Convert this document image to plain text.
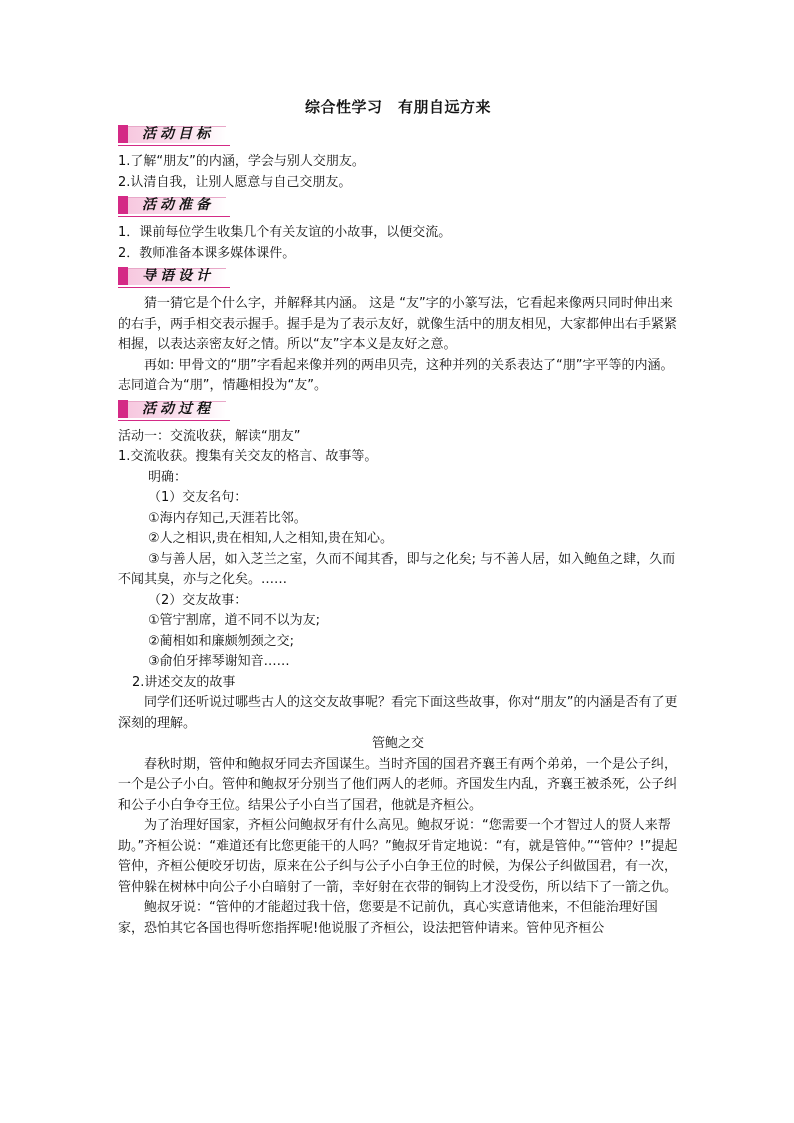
综合性学习　有朋自远方来
活动目标

1.了解“朋友”的内涵，学会与别人交朋友。

2.认清自我，让别人愿意与自己交朋友。

活动准备

1．课前每位学生收集几个有关友谊的小故事，以便交流。

2．教师准备本课多媒体课件。

导语设计

猜一猜它是个什么字，并解释其内涵。 这是 “友”字的小篆写法，它看起来像两只同时伸出来的右手，两手相交表示握手。握手是为了表示友好，就像生活中的朋友相见，大家都伸出右手紧紧相握，以表达亲密友好之情。所以“友”字本义是友好之意。

再如: 甲骨文的“朋”字看起来像并列的两串贝壳，这种并列的关系表达了“朋”字平等的内涵。志同道合为“朋”，情趣相投为“友”。

活动过程

活动一：交流收获，解读“朋友”

1.交流收获。搜集有关交友的格言、故事等。

明确：

（1）交友名句：

①海内存知己,天涯若比邻。

②人之相识,贵在相知,人之相知,贵在知心。

③与善人居，如入芝兰之室，久而不闻其香，即与之化矣; 与不善人居，如入鲍鱼之肆，久而不闻其臭，亦与之化矣。……

（2）交友故事：

①管宁割席，道不同不以为友;

②蔺相如和廉颇刎颈之交;

③俞伯牙摔琴谢知音……

2.讲述交友的故事

同学们还听说过哪些古人的这交友故事呢？看完下面这些故事，你对“朋友”的内涵是否有了更深刻的理解。

管鲍之交

春秋时期，管仲和鲍叔牙同去齐国谋生。当时齐国的国君齐襄王有两个弟弟，一个是公子纠，一个是公子小白。管仲和鲍叔牙分别当了他们两人的老师。齐国发生内乱，齐襄王被杀死，公子纠和公子小白争夺王位。结果公子小白当了国君，他就是齐桓公。

为了治理好国家，齐桓公问鲍叔牙有什么高见。鲍叔牙说：“您需要一个才智过人的贤人来帮助。”齐桓公说：“难道还有比您更能干的人吗？”鲍叔牙肯定地说：“有，就是管仲。”“管仲？!”提起管仲，齐桓公便咬牙切齿，原来在公子纠与公子小白争王位的时候，为保公子纠做国君，有一次，管仲躲在树林中向公子小白暗射了一箭，幸好射在衣带的铜钩上才没受伤，所以结下了一箭之仇。

鲍叔牙说：“管仲的才能超过我十倍，您要是不记前仇，真心实意请他来，不但能治理好国家，恐怕其它各国也得听您指挥呢!他说服了齐桓公，设法把管仲请来。管仲见齐桓公
